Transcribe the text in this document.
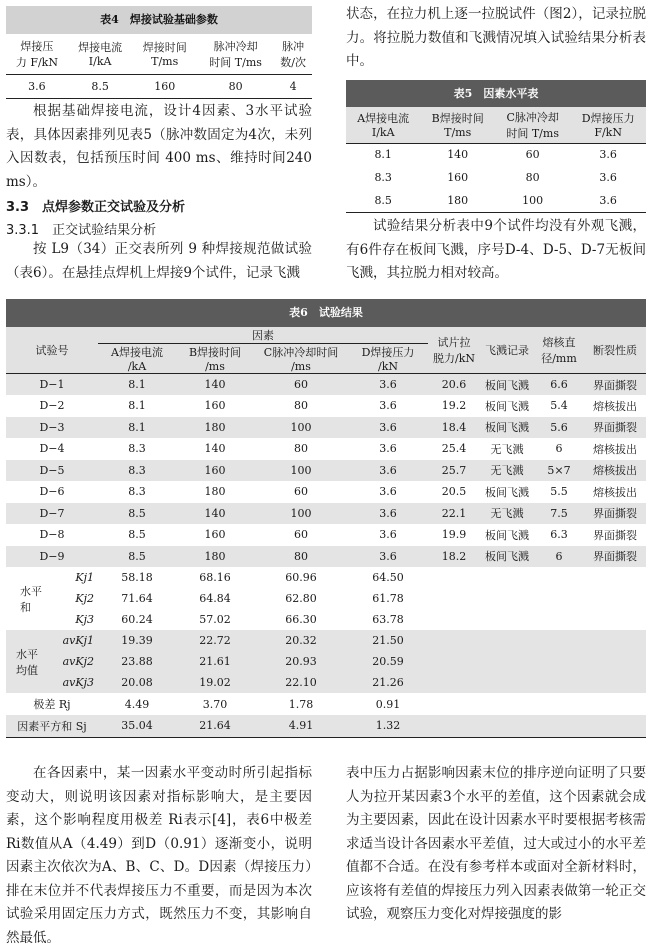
表4　焊接试验基础参数
焊接压
力 F/kN	焊接电流
I/kA	焊接时间
T/ms	脉冲冷却
时间 T/ms	脉冲
数/次
3.6	8.5	160	80	4

根据基础焊接电流，设计4因素、3水平试验表，具体因素排列见表5（脉冲数固定为4次，未列入因数表，包括预压时间 400 ms、维持时间240 ms）。

3.3　点焊参数正交试验及分析
3.3.1　正交试验结果分析

按 L9（34）正交表所列 9 种焊接规范做试验（表6）。在悬挂点焊机上焊接9个试件，记录飞溅

状态，在拉力机上逐一拉脱试件（图2），记录拉脱力。将拉脱力数值和飞溅情况填入试验结果分析表中。

表5　因素水平表
A焊接电流
I/kA	B焊接时间
T/ms	C脉冲冷却
时间 T/ms	D焊接压力
F/kN
8.1	140	60	3.6
8.3	160	80	3.6
8.5	180	100	3.6

试验结果分析表中9个试件均没有外观飞溅，有6件存在板间飞溅，序号D-4、D-5、D-7无板间飞溅，其拉脱力相对较高。

表6　试验结果
试验号		因素				试片拉
脱力/kN	飞溅记录	熔核直
径/mm	断裂性质
		A焊接电流
/kA	B焊接时间
/ms	C脉冲冷却时间
/ms	D焊接压力
/kN				
D−1		8.1	140	60	3.6	20.6	板间飞溅	6.6	界面撕裂
D−2		8.1	160	80	3.6	19.2	板间飞溅	5.4	熔核拔出
D−3		8.1	180	100	3.6	18.4	板间飞溅	5.6	界面撕裂
D−4		8.3	140	80	3.6	25.4	无飞溅	6	熔核拔出
D−5		8.3	160	100	3.6	25.7	无飞溅	5×7	熔核拔出
D−6		8.3	180	60	3.6	20.5	板间飞溅	5.5	熔核拔出
D−7		8.5	140	100	3.6	22.1	无飞溅	7.5	界面撕裂
D−8		8.5	160	60	3.6	19.9	板间飞溅	6.3	界面撕裂
D−9		8.5	180	80	3.6	18.2	板间飞溅	6	界面撕裂
水平和	Kj1	58.18	68.16	60.96	64.50				
	Kj2	71.64	64.84	62.80	61.78				
	Kj3	60.24	57.02	66.30	63.78				
水平
均值	avKj1	19.39	22.72	20.32	21.50				
	avKj2	23.88	21.61	20.93	20.59				
	avKj3	20.08	19.02	22.10	21.26				
极差 Rj		4.49	3.70	1.78	0.91				
因素平方和 Sj		35.04	21.64	4.91	1.32				

在各因素中，某一因素水平变动时所引起指标变动大，则说明该因素对指标影响大，是主要因素，这个影响程度用极差 Ri表示[4]，表6中极差 Ri数值从A（4.49）到D（0.91）逐渐变小，说明因素主次依次为A、B、C、D。D因素（焊接压力）排在末位并不代表焊接压力不重要，而是因为本次试验采用固定压力方式，既然压力不变，其影响自然最低。

表中压力占据影响因素末位的排序逆向证明了只要人为拉开某因素3个水平的差值，这个因素就会成为主要因素，因此在设计因素水平时要根据考核需求适当设计各因素水平差值，过大或过小的水平差值都不合适。在没有参考样本或面对全新材料时，应该将有差值的焊接压力列入因素表做第一轮正交试验，观察压力变化对焊接强度的影
